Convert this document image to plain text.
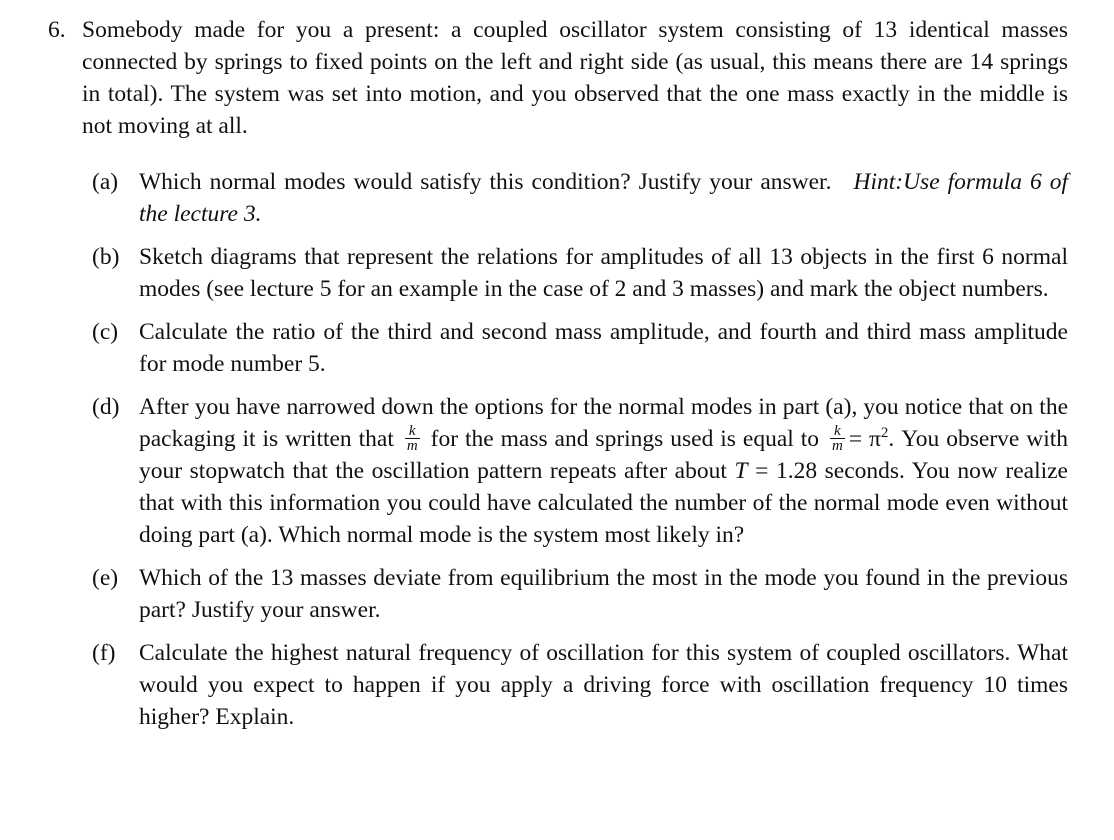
6. Somebody made for you a present: a coupled oscillator system consisting of 13 identical masses connected by springs to fixed points on the left and right side (as usual, this means there are 14 springs in total). The system was set into motion, and you observed that the one mass exactly in the middle is not moving at all.
(a) Which normal modes would satisfy this condition? Justify your answer. Hint:Use formula 6 of the lecture 3.
(b) Sketch diagrams that represent the relations for amplitudes of all 13 objects in the first 6 normal modes (see lecture 5 for an example in the case of 2 and 3 masses) and mark the object numbers.
(c) Calculate the ratio of the third and second mass amplitude, and fourth and third mass amplitude for mode number 5.
(d) After you have narrowed down the options for the normal modes in part (a), you notice that on the packaging it is written that $\frac{k}{m}$ for the mass and springs used is equal to $\frac{k}{m} = \pi^2$. You observe with your stopwatch that the oscillation pattern repeats after about T = 1.28 seconds. You now realize that with this information you could have calculated the number of the normal mode even without doing part (a). Which normal mode is the system most likely in?
(e) Which of the 13 masses deviate from equilibrium the most in the mode you found in the previous part? Justify your answer.
(f) Calculate the highest natural frequency of oscillation for this system of coupled oscillators. What would you expect to happen if you apply a driving force with oscillation frequency 10 times higher? Explain.
